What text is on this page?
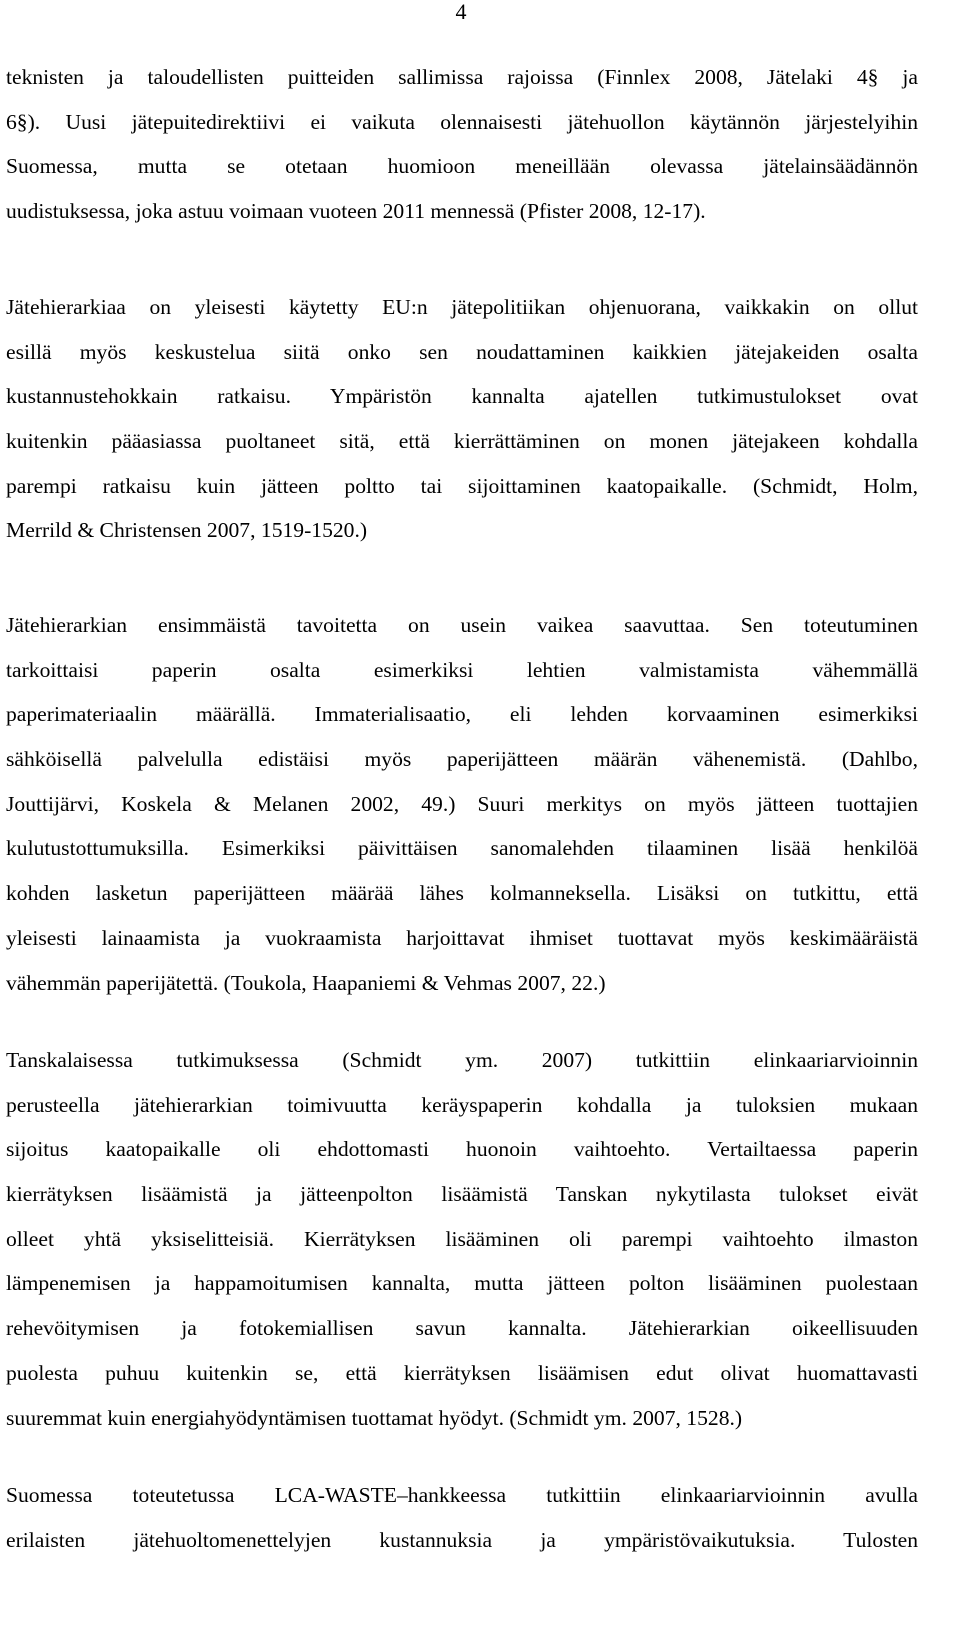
4

teknisten ja taloudellisten puitteiden sallimissa rajoissa (Finnlex 2008, Jätelaki 4§ ja
6§). Uusi jätepuitedirektiivi ei vaikuta olennaisesti jätehuollon käytännön järjestelyihin
Suomessa, mutta se otetaan huomioon meneillään olevassa jätelainsäädännön
uudistuksessa, joka astuu voimaan vuoteen 2011 mennessä (Pfister 2008, 12-17).

Jätehierarkiaa on yleisesti käytetty EU:n jätepolitiikan ohjenuorana, vaikkakin on ollut
esillä myös keskustelua siitä onko sen noudattaminen kaikkien jätejakeiden osalta
kustannustehokkain ratkaisu. Ympäristön kannalta ajatellen tutkimustulokset ovat
kuitenkin pääasiassa puoltaneet sitä, että kierrättäminen on monen jätejakeen kohdalla
parempi ratkaisu kuin jätteen poltto tai sijoittaminen kaatopaikalle. (Schmidt, Holm,
Merrild & Christensen 2007, 1519-1520.)

Jätehierarkian ensimmäistä tavoitetta on usein vaikea saavuttaa. Sen toteutuminen
tarkoittaisi paperin osalta esimerkiksi lehtien valmistamista vähemmällä
paperimateriaalin määrällä. Immaterialisaatio, eli lehden korvaaminen esimerkiksi
sähköisellä palvelulla edistäisi myös paperijätteen määrän vähenemistä. (Dahlbo,
Jouttijärvi, Koskela & Melanen 2002, 49.) Suuri merkitys on myös jätteen tuottajien
kulutustottumuksilla. Esimerkiksi päivittäisen sanomalehden tilaaminen lisää henkilöä
kohden lasketun paperijätteen määrää lähes kolmanneksella. Lisäksi on tutkittu, että
yleisesti lainaamista ja vuokraamista harjoittavat ihmiset tuottavat myös keskimääräistä
vähemmän paperijätettä. (Toukola, Haapaniemi & Vehmas 2007, 22.)

Tanskalaisessa tutkimuksessa (Schmidt ym. 2007) tutkittiin elinkaariarvioinnin
perusteella jätehierarkian toimivuutta keräyspaperin kohdalla ja tuloksien mukaan
sijoitus kaatopaikalle oli ehdottomasti huonoin vaihtoehto. Vertailtaessa paperin
kierrätyksen lisäämistä ja jätteenpolton lisäämistä Tanskan nykytilasta tulokset eivät
olleet yhtä yksiselitteisiä. Kierrätyksen lisääminen oli parempi vaihtoehto ilmaston
lämpenemisen ja happamoitumisen kannalta, mutta jätteen polton lisääminen puolestaan
rehevöitymisen ja fotokemiallisen savun kannalta. Jätehierarkian oikeellisuuden
puolesta puhuu kuitenkin se, että kierrätyksen lisäämisen edut olivat huomattavasti
suuremmat kuin energiahyödyntämisen tuottamat hyödyt. (Schmidt ym. 2007, 1528.)

Suomessa toteutetussa LCA-WASTE–hankkeessa tutkittiin elinkaariarvioinnin avulla
erilaisten jätehuoltomenettelyjen kustannuksia ja ympäristövaikutuksia. Tulosten
